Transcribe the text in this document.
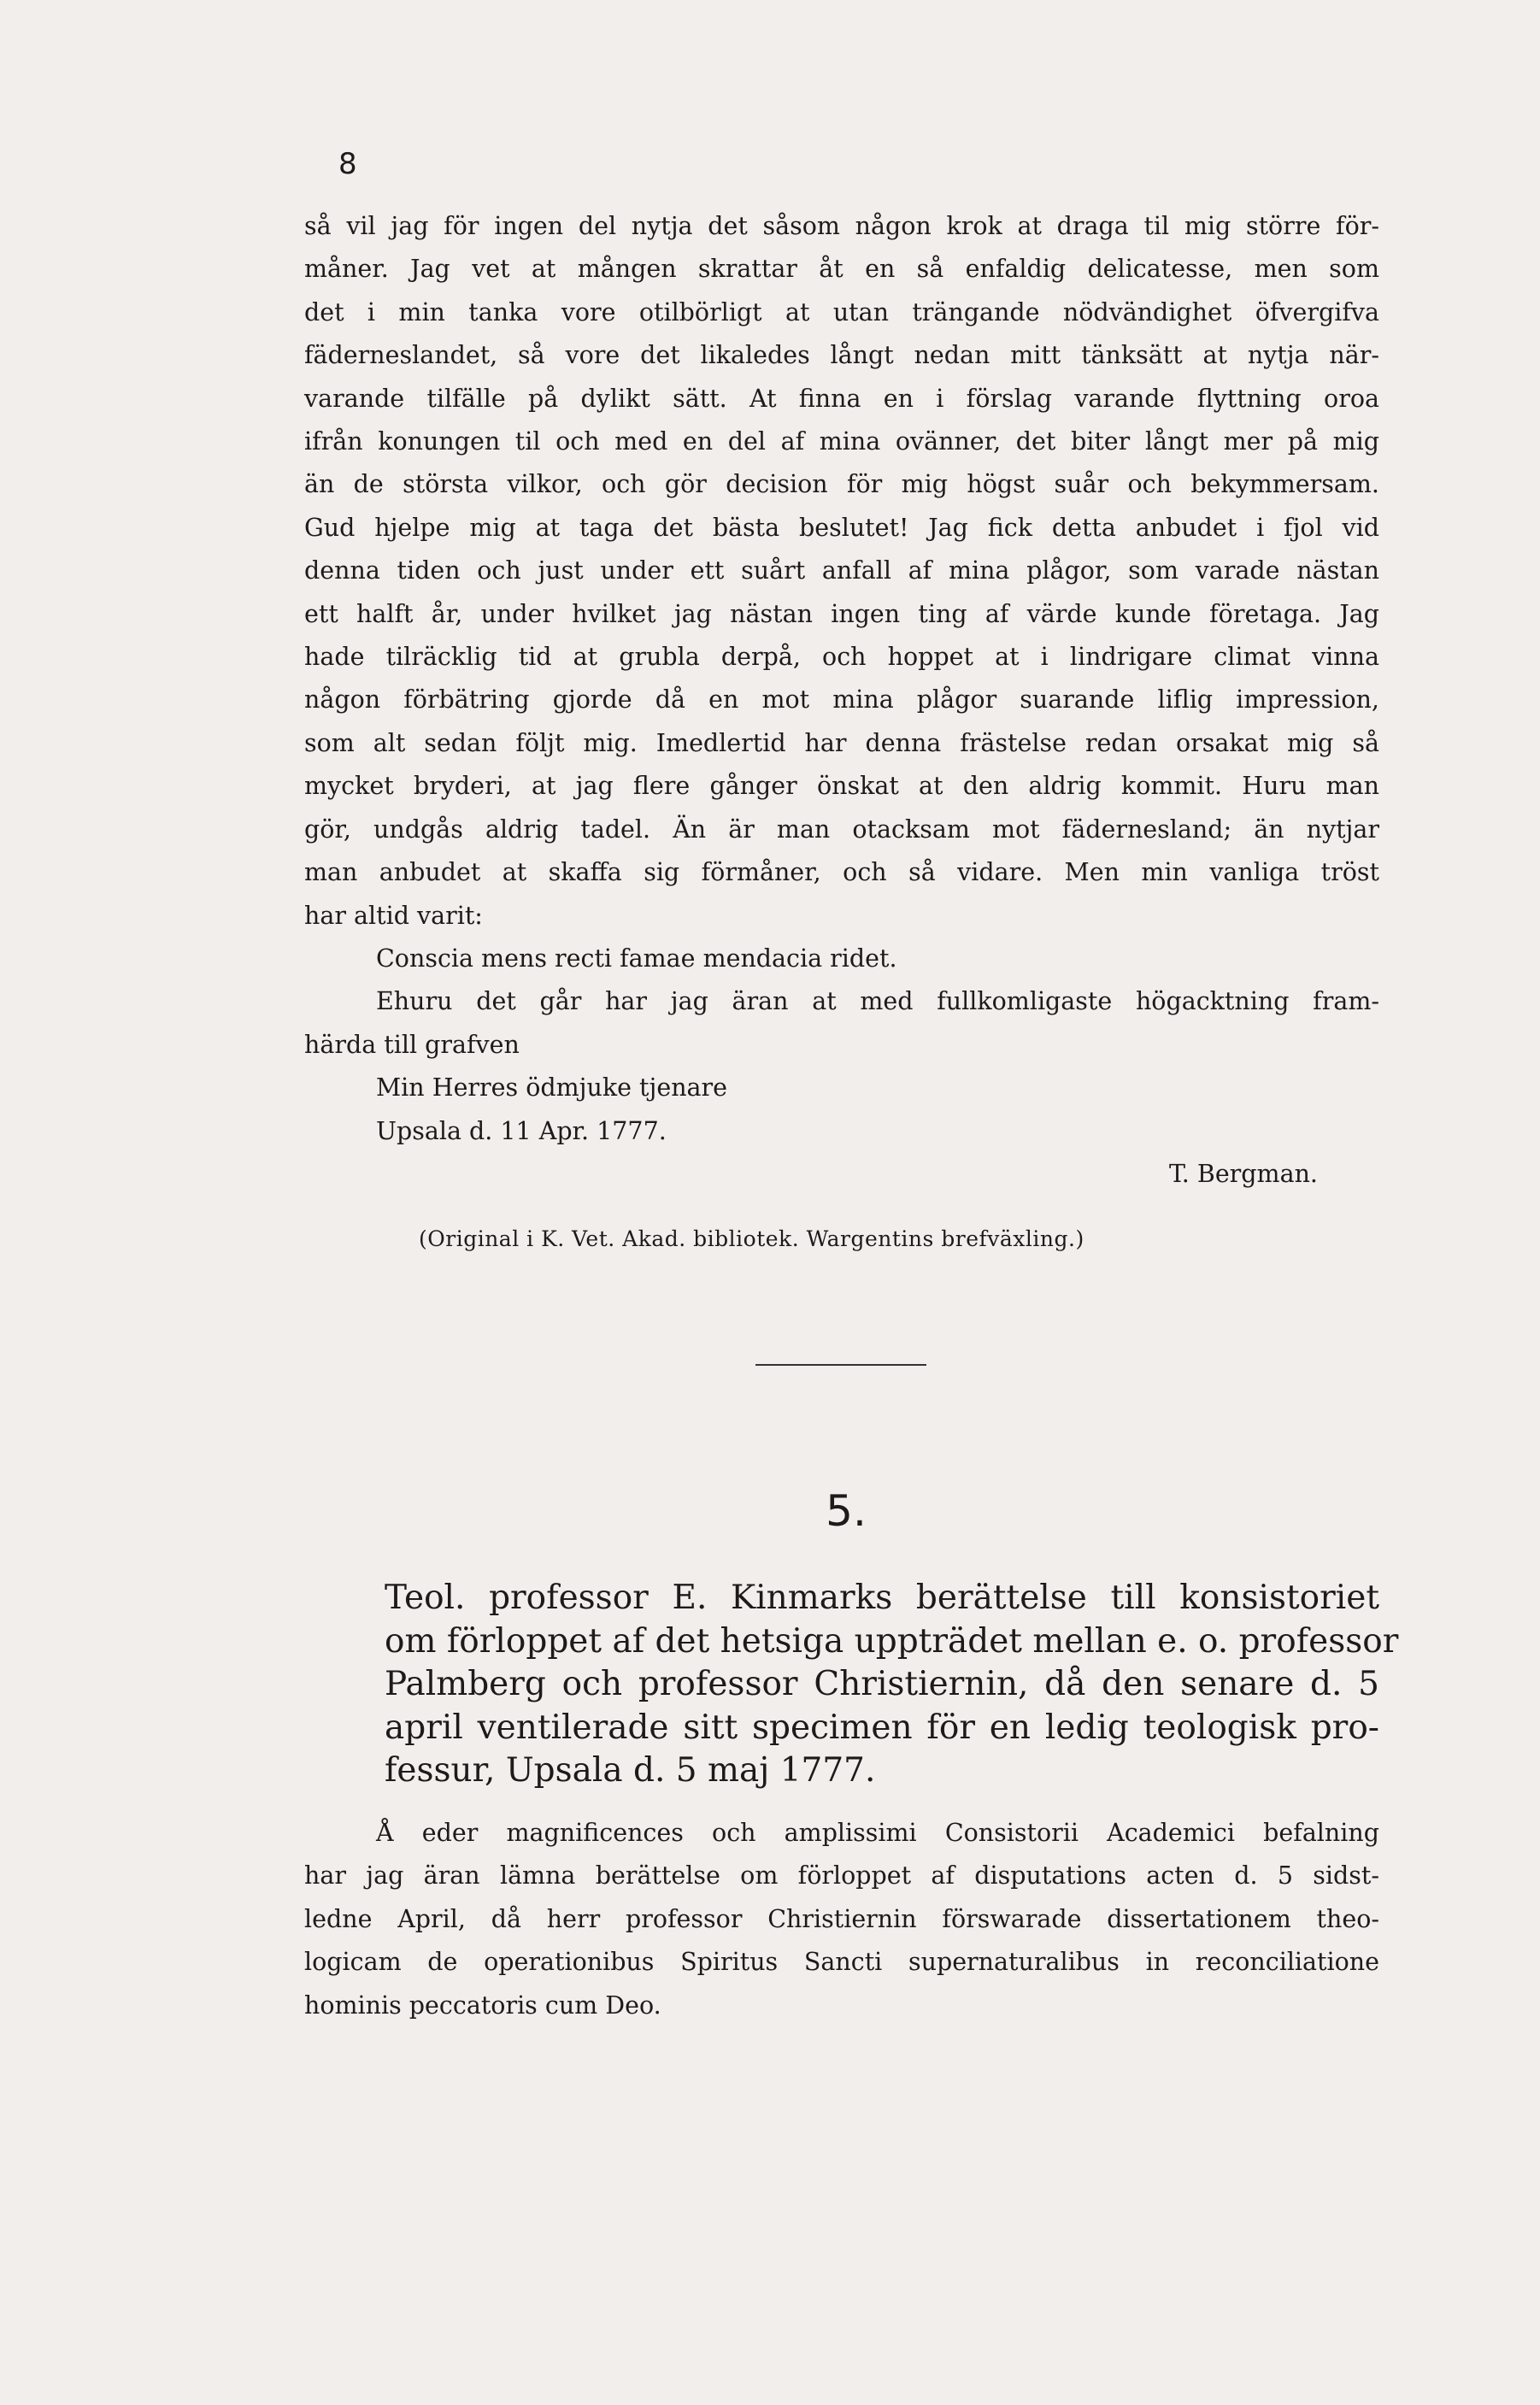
8
så vil jag för ingen del nytja det såsom någon krok at draga til mig större för-
måner. Jag vet at mången skrattar åt en så enfaldig delicatesse, men som
det i min tanka vore otilbörligt at utan trängande nödvändighet öfvergifva
fäderneslandet, så vore det likaledes långt nedan mitt tänksätt at nytja när-
varande tilfälle på dylikt sätt. At finna en i förslag varande flyttning oroa
ifrån konungen til och med en del af mina ovänner, det biter långt mer på mig
än de största vilkor, och gör decision för mig högst suår och bekymmersam.
Gud hjelpe mig at taga det bästa beslutet! Jag fick detta anbudet i fjol vid
denna tiden och just under ett suårt anfall af mina plågor, som varade nästan
ett halft år, under hvilket jag nästan ingen ting af värde kunde företaga. Jag
hade tilräcklig tid at grubla derpå, och hoppet at i lindrigare climat vinna
någon förbätring gjorde då en mot mina plågor suarande liflig impression,
som alt sedan följt mig. Imedlertid har denna frästelse redan orsakat mig så
mycket bryderi, at jag flere gånger önskat at den aldrig kommit. Huru man
gör, undgås aldrig tadel. Än är man otacksam mot fädernesland; än nytjar
man anbudet at skaffa sig förmåner, och så vidare. Men min vanliga tröst
har altid varit:
Conscia mens recti famae mendacia ridet.
Ehuru det går har jag äran at med fullkomligaste högacktning fram-
härda till grafven
Min Herres ödmjuke tjenare
Upsala d. 11 Apr. 1777.
T. Bergman.
(Original i K. Vet. Akad. bibliotek. Wargentins brefväxling.)
5.
Teol. professor E. Kinmarks berättelse till konsistoriet
om förloppet af det hetsiga uppträdet mellan e. o. professor
Palmberg och professor Christiernin, då den senare d. 5
april ventilerade sitt specimen för en ledig teologisk pro-
fessur, Upsala d. 5 maj 1777.
Å eder magnificences och amplissimi Consistorii Academici befalning
har jag äran lämna berättelse om förloppet af disputations acten d. 5 sidst-
ledne April, då herr professor Christiernin förswarade dissertationem theo-
logicam de operationibus Spiritus Sancti supernaturalibus in reconciliatione
hominis peccatoris cum Deo.
